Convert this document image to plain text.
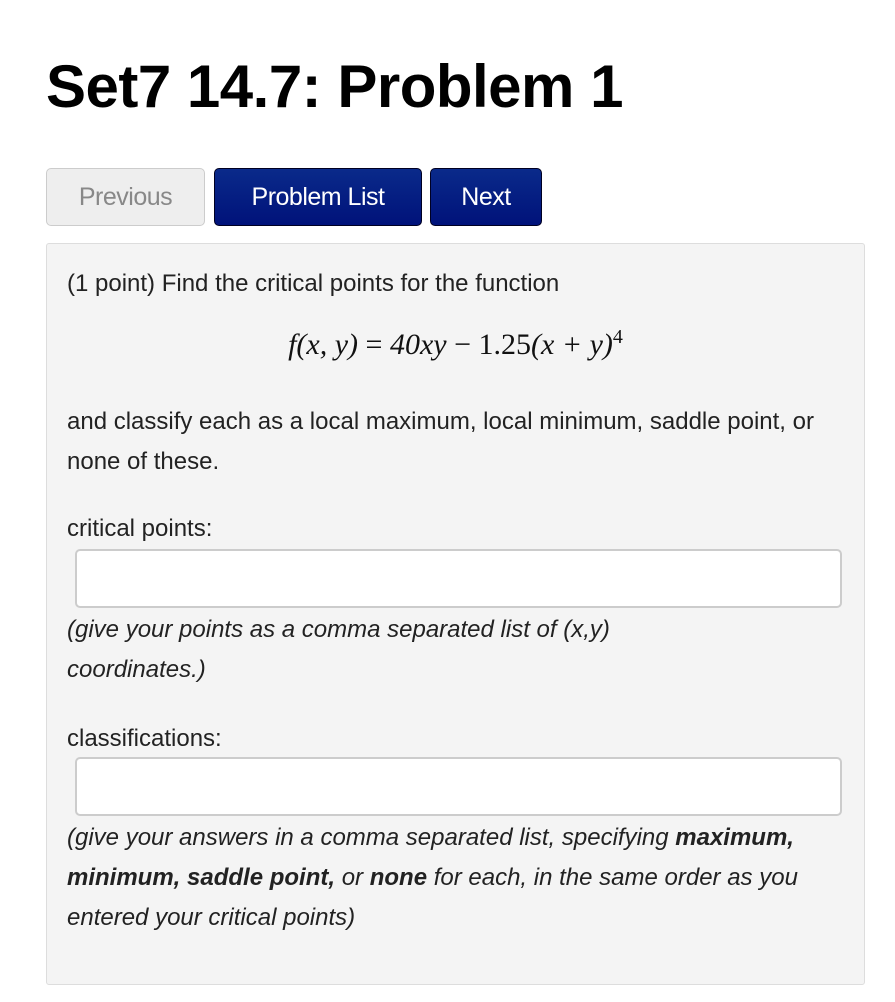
Set7 14.7: Problem 1
Previous	Problem List	Next
(1 point) Find the critical points for the function
f(x, $y) = 40xy - 1.25(x + y)^4$
and classify each as a local maximum, local minimum, saddle point, or none of these.
critical points:
(give your points as a comma separated list of (x,y) coordinates.)
classifications:
(give your answers in a comma separated list, specifying maximum, minimum, saddle point, or none for each, in the same order as you entered your critical points)
